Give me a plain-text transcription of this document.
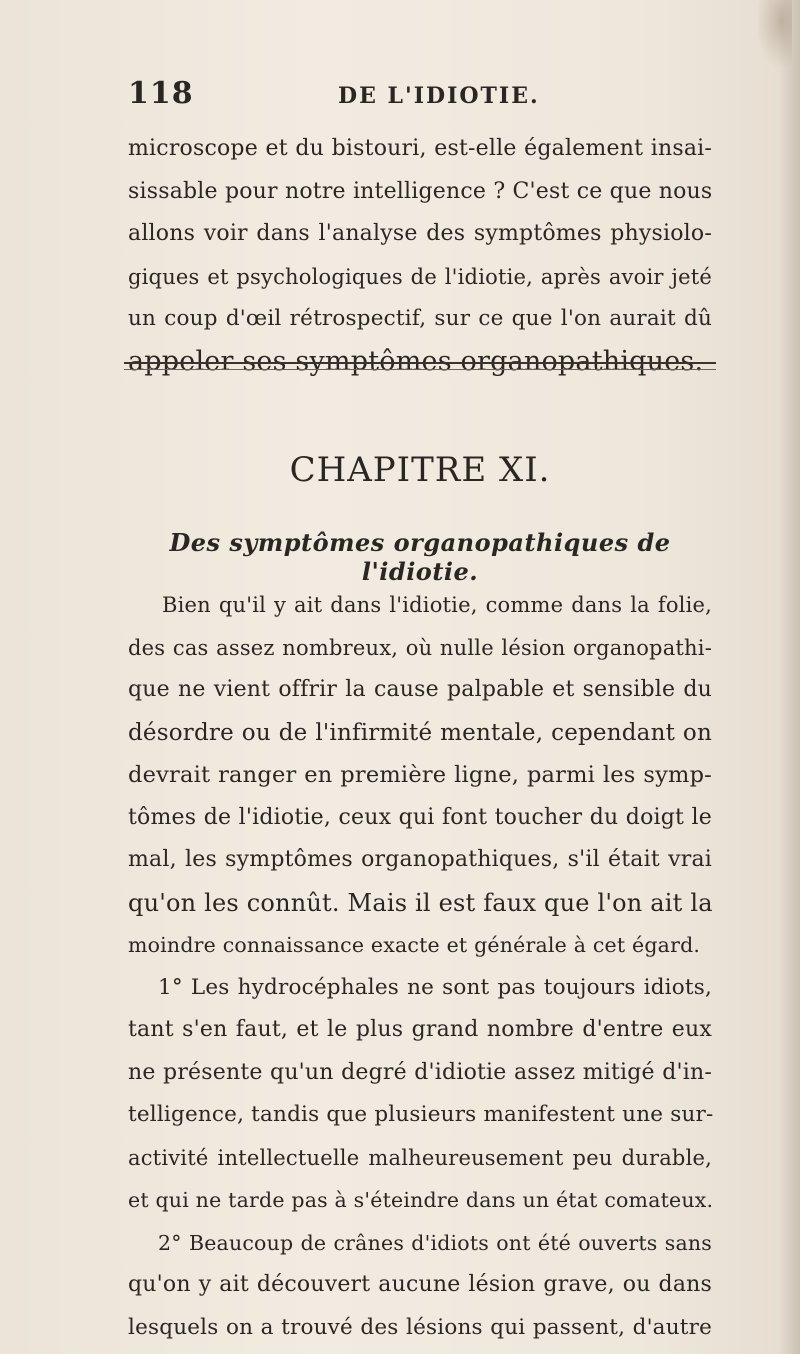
118	DE L'IDIOTIE.
microscope et du bistouri, est-elle également insai-
sissable pour notre intelligence ? C'est ce que nous
allons voir dans l'analyse des symptômes physiolo-
giques et psychologiques de l'idiotie, après avoir jeté
un coup d'œil rétrospectif, sur ce que l'on aurait dû
appeler ses symptômes organopathiques.
CHAPITRE XI.
Des symptômes organopathiques de l'idiotie.
Bien qu'il y ait dans l'idiotie, comme dans la folie,
des cas assez nombreux, où nulle lésion organopathi-
que ne vient offrir la cause palpable et sensible du
désordre ou de l'infirmité mentale, cependant on
devrait ranger en première ligne, parmi les symp-
tômes de l'idiotie, ceux qui font toucher du doigt le
mal, les symptômes organopathiques, s'il était vrai
qu'on les connût. Mais il est faux que l'on ait la
moindre connaissance exacte et générale à cet égard.
1° Les hydrocéphales ne sont pas toujours idiots,
tant s'en faut, et le plus grand nombre d'entre eux
ne présente qu'un degré d'idiotie assez mitigé d'in-
telligence, tandis que plusieurs manifestent une sur-
activité intellectuelle malheureusement peu durable,
et qui ne tarde pas à s'éteindre dans un état comateux.
2° Beaucoup de crânes d'idiots ont été ouverts sans
qu'on y ait découvert aucune lésion grave, ou dans
lesquels on a trouvé des lésions qui passent, d'autre
